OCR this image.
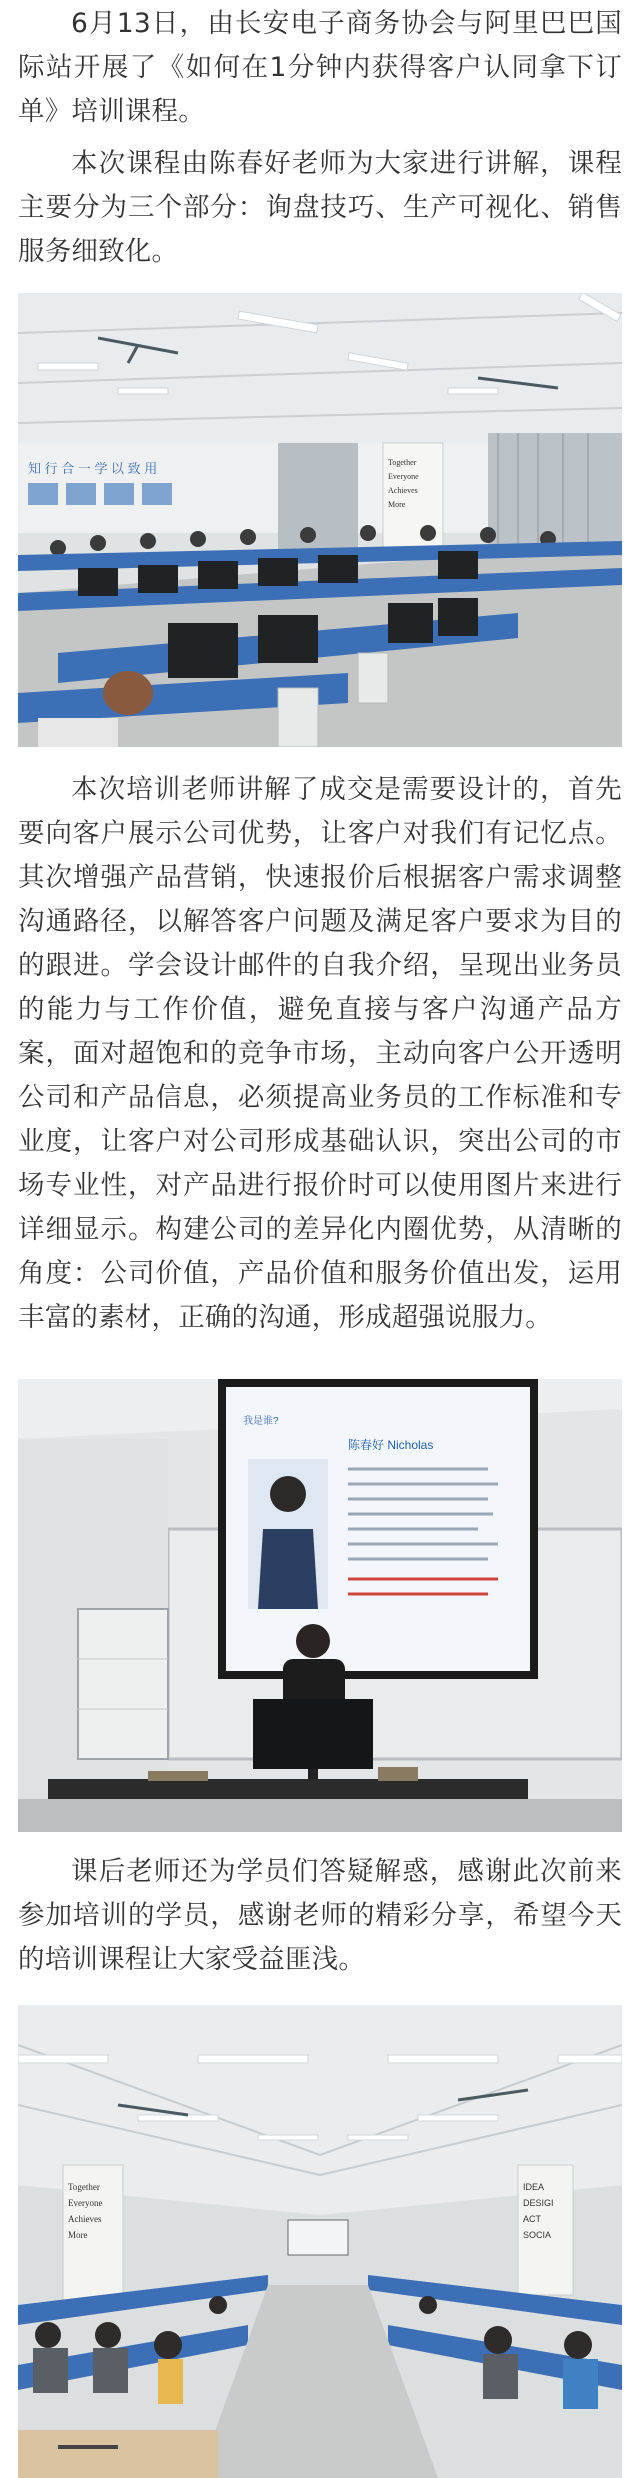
6月13日，由长安电子商务协会与阿里巴巴国际站开展了《如何在1分钟内获得客户认同拿下订单》培训课程。

本次课程由陈春好老师为大家进行讲解，课程主要分为三个部分：询盘技巧、生产可视化、销售服务细致化。

知 行 合 一 学 以 致 用	Together
Everyone
Achieves
More

本次培训老师讲解了成交是需要设计的，首先要向客户展示公司优势，让客户对我们有记忆点。其次增强产品营销，快速报价后根据客户需求调整沟通路径，以解答客户问题及满足客户要求为目的的跟进。学会设计邮件的自我介绍，呈现出业务员的能力与工作价值，避免直接与客户沟通产品方案，面对超饱和的竞争市场，主动向客户公开透明公司和产品信息，必须提高业务员的工作标准和专业度，让客户对公司形成基础认识，突出公司的市场专业性，对产品进行报价时可以使用图片来进行详细显示。构建公司的差异化内圈优势，从清晰的角度：公司价值，产品价值和服务价值出发，运用丰富的素材，正确的沟通，形成超强说服力。

我是谁?
陈春好 Nicholas

课后老师还为学员们答疑解惑，感谢此次前来参加培训的学员，感谢老师的精彩分享，希望今天的培训课程让大家受益匪浅。

Together
Everyone
Achieves
More
IDEA
DESIGI
ACT
SOCIA
